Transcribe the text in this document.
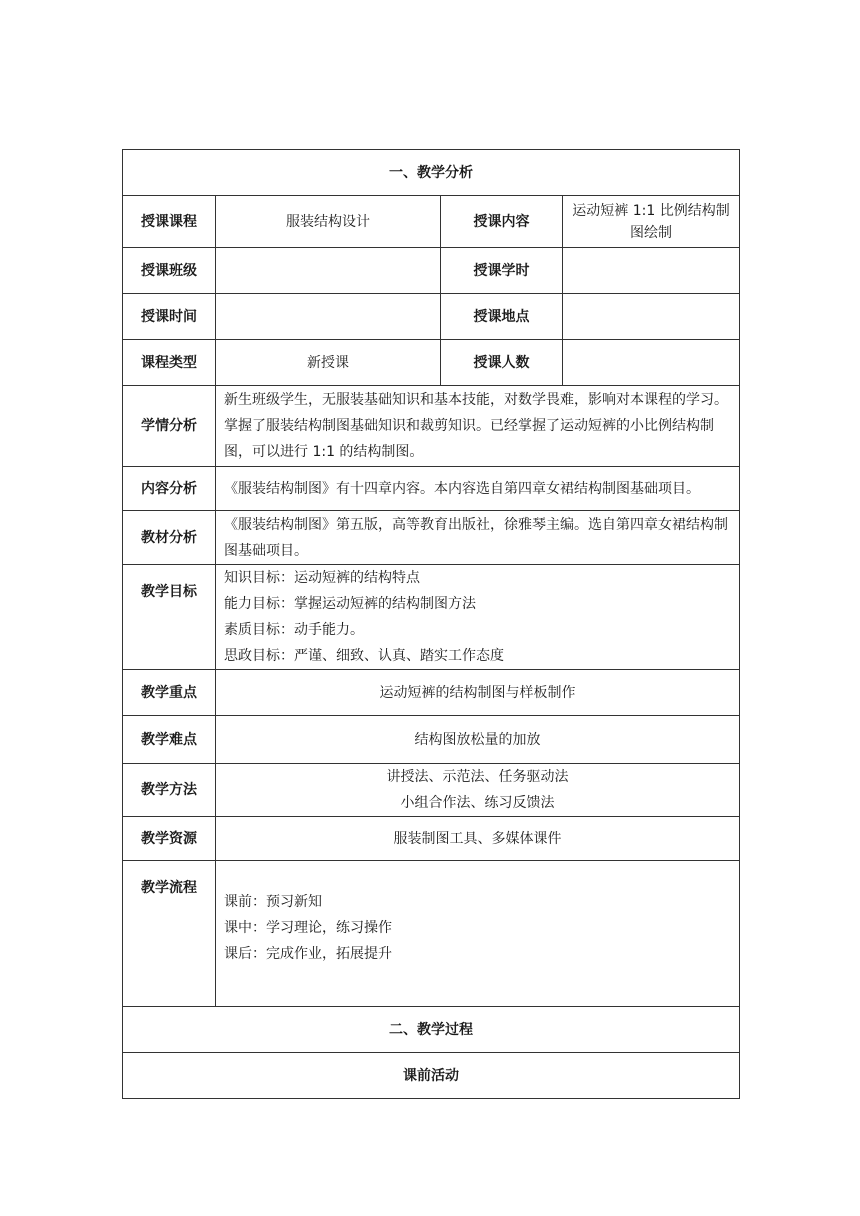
一、教学分析			
授课课程	服装结构设计	授课内容	运动短裤 1:1 比例结构制图绘制
授课班级		授课学时	
授课时间		授课地点	
课程类型	新授课	授课人数	
学情分析	新生班级学生，无服装基础知识和基本技能，对数学畏难，影响对本课程的学习。掌握了服装结构制图基础知识和裁剪知识。已经掌握了运动短裤的小比例结构制图，可以进行 1:1 的结构制图。		
内容分析	《服装结构制图》有十四章内容。本内容选自第四章女裙结构制图基础项目。		
教材分析	《服装结构制图》第五版，高等教育出版社，徐雅琴主编。选自第四章女裙结构制图基础项目。		
教学目标	知识目标：运动短裤的结构特点
能力目标：掌握运动短裤的结构制图方法
素质目标：动手能力。
思政目标：严谨、细致、认真、踏实工作态度		

教学重点	运动短裤的结构制图与样板制作		
教学难点	结构图放松量的加放		
教学方法	讲授法、示范法、任务驱动法
小组合作法、练习反馈法		

教学资源	服装制图工具、多媒体课件		
教学流程	课前：预习新知
课中：学习理论，练习操作
课后：完成作业，拓展提升		

二、教学过程			
课前活动			
